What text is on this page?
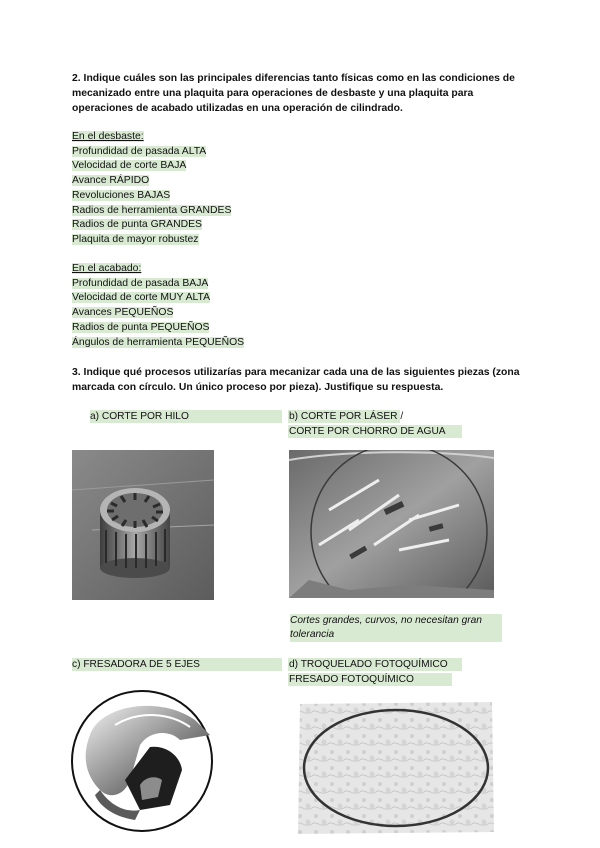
2. Indique cuáles son las principales diferencias tanto físicas como en las condiciones de mecanizado entre una plaquita para operaciones de desbaste y una plaquita para operaciones de acabado utilizadas en una operación de cilindrado.
En el desbaste:
Profundidad de pasada ALTA
Velocidad de corte BAJA
Avance RÁPIDO
Revoluciones BAJAS
Radios de herramienta GRANDES
Radios de punta GRANDES
Plaquita de mayor robustez
En el acabado:
Profundidad de pasada BAJA
Velocidad de corte MUY ALTA
Avances PEQUEÑOS
Radios de punta PEQUEÑOS
Ángulos de herramienta PEQUEÑOS
3. Indique qué procesos utilizarías para mecanizar cada una de las siguientes piezas (zona marcada con círculo. Un único proceso por pieza). Justifique su respuesta.
a) CORTE POR HILO	b) CORTE POR LÁSER /
CORTE POR CHORRO DE AGUA
Cortes grandes, curvos, no necesitan gran tolerancia
c) FRESADORA DE 5 EJES	d) TROQUELADO FOTOQUÍMICO
FRESADO FOTOQUÍMICO
